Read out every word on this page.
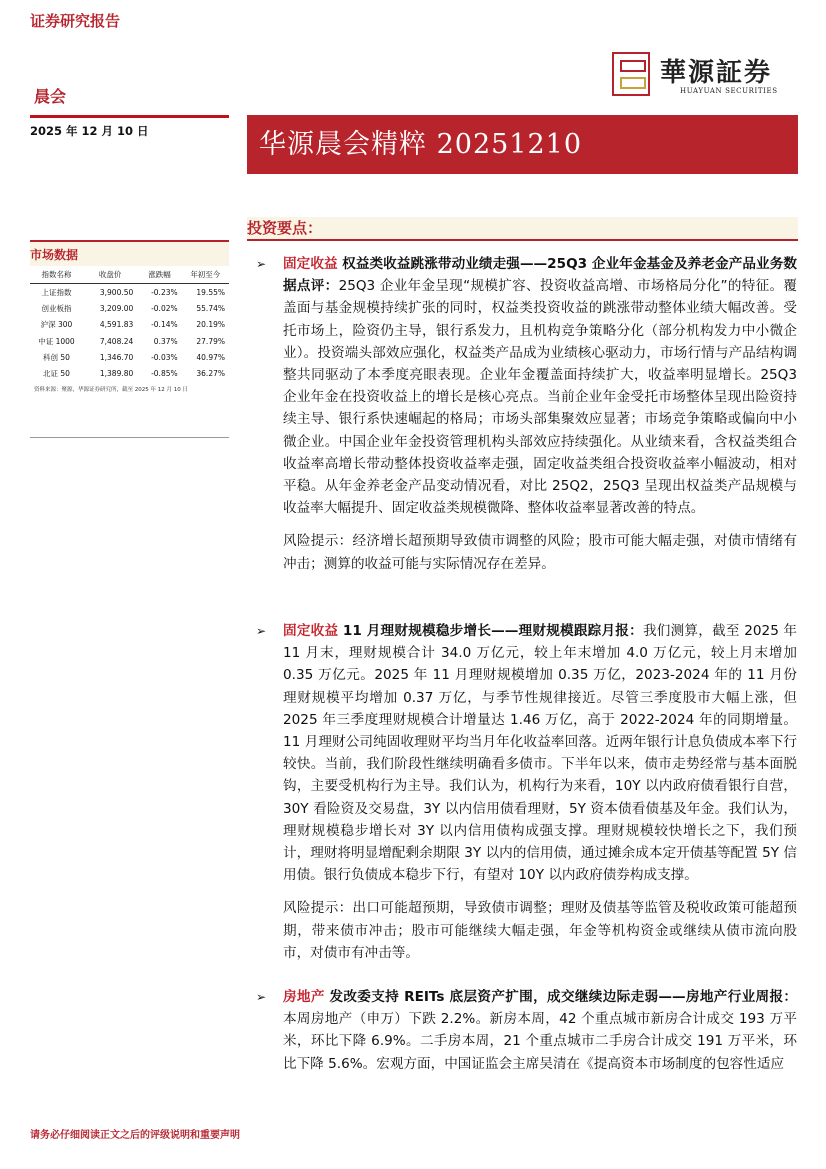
证券研究报告
晨会
2025 年 12 月 10 日
華源証券
HUAYUAN SECURITIES
华源晨会精粹 20251210
投资要点：
市场数据
指数名称	收盘价	涨跌幅	年初至今
上证指数	3,900.50	-0.23%	19.55%
创业板指	3,209.00	-0.02%	55.74%
沪深 300	4,591.83	-0.14%	20.19%
中证 1000	7,408.24	0.37%	27.79%
科创 50	1,346.70	-0.03%	40.97%
北证 50	1,389.80	-0.85%	36.27%
资料来源：聚源，华源证券研究所，截至 2025 年 12 月 10 日
➢ 固定收益 权益类收益跳涨带动业绩走强——25Q3 企业年金基金及养老金产品业务数据点评：25Q3 企业年金呈现“规模扩容、投资收益高增、市场格局分化”的特征。覆盖面与基金规模持续扩张的同时，权益类投资收益的跳涨带动整体业绩大幅改善。受托市场上，险资仍主导，银行系发力，且机构竞争策略分化（部分机构发力中小微企业）。投资端头部效应强化，权益类产品成为业绩核心驱动力，市场行情与产品结构调整共同驱动了本季度亮眼表现。企业年金覆盖面持续扩大，收益率明显增长。25Q3 企业年金在投资收益上的增长是核心亮点。当前企业年金受托市场整体呈现出险资持续主导、银行系快速崛起的格局；市场头部集聚效应显著；市场竞争策略或偏向中小微企业。中国企业年金投资管理机构头部效应持续强化。从业绩来看，含权益类组合收益率高增长带动整体投资收益率走强，固定收益类组合投资收益率小幅波动，相对平稳。从年金养老金产品变动情况看，对比 25Q2，25Q3 呈现出权益类产品规模与收益率大幅提升、固定收益类规模微降、整体收益率显著改善的特点。
风险提示：经济增长超预期导致债市调整的风险；股市可能大幅走强，对债市情绪有冲击；测算的收益可能与实际情况存在差异。
➢ 固定收益 11 月理财规模稳步增长——理财规模跟踪月报：我们测算，截至 2025 年 11 月末，理财规模合计 34.0 万亿元，较上年末增加 4.0 万亿元，较上月末增加 0.35 万亿元。2025 年 11 月理财规模增加 0.35 万亿，2023-2024 年的 11 月份理财规模平均增加 0.37 万亿，与季节性规律接近。尽管三季度股市大幅上涨，但 2025 年三季度理财规模合计增量达 1.46 万亿，高于 2022-2024 年的同期增量。11 月理财公司纯固收理财平均当月年化收益率回落。近两年银行计息负债成本率下行较快。当前，我们阶段性继续明确看多债市。下半年以来，债市走势经常与基本面脱钩，主要受机构行为主导。我们认为，机构行为来看，10Y 以内政府债看银行自营，30Y 看险资及交易盘，3Y 以内信用债看理财，5Y 资本债看债基及年金。我们认为，理财规模稳步增长对 3Y 以内信用债构成强支撑。理财规模较快增长之下，我们预计，理财将明显增配剩余期限 3Y 以内的信用债，通过摊余成本定开债基等配置 5Y 信用债。银行负债成本稳步下行，有望对 10Y 以内政府债券构成支撑。
风险提示：出口可能超预期，导致债市调整；理财及债基等监管及税收政策可能超预期，带来债市冲击；股市可能继续大幅走强，年金等机构资金或继续从债市流向股市，对债市有冲击等。
➢ 房地产 发改委支持 REITs 底层资产扩围，成交继续边际走弱——房地产行业周报：本周房地产（申万）下跌 2.2%。新房本周，42 个重点城市新房合计成交 193 万平米，环比下降 6.9%。二手房本周，21 个重点城市二手房合计成交 191 万平米，环比下降 5.6%。宏观方面，中国证监会主席吴清在《提高资本市场制度的包容性适应
请务必仔细阅读正文之后的评级说明和重要声明
